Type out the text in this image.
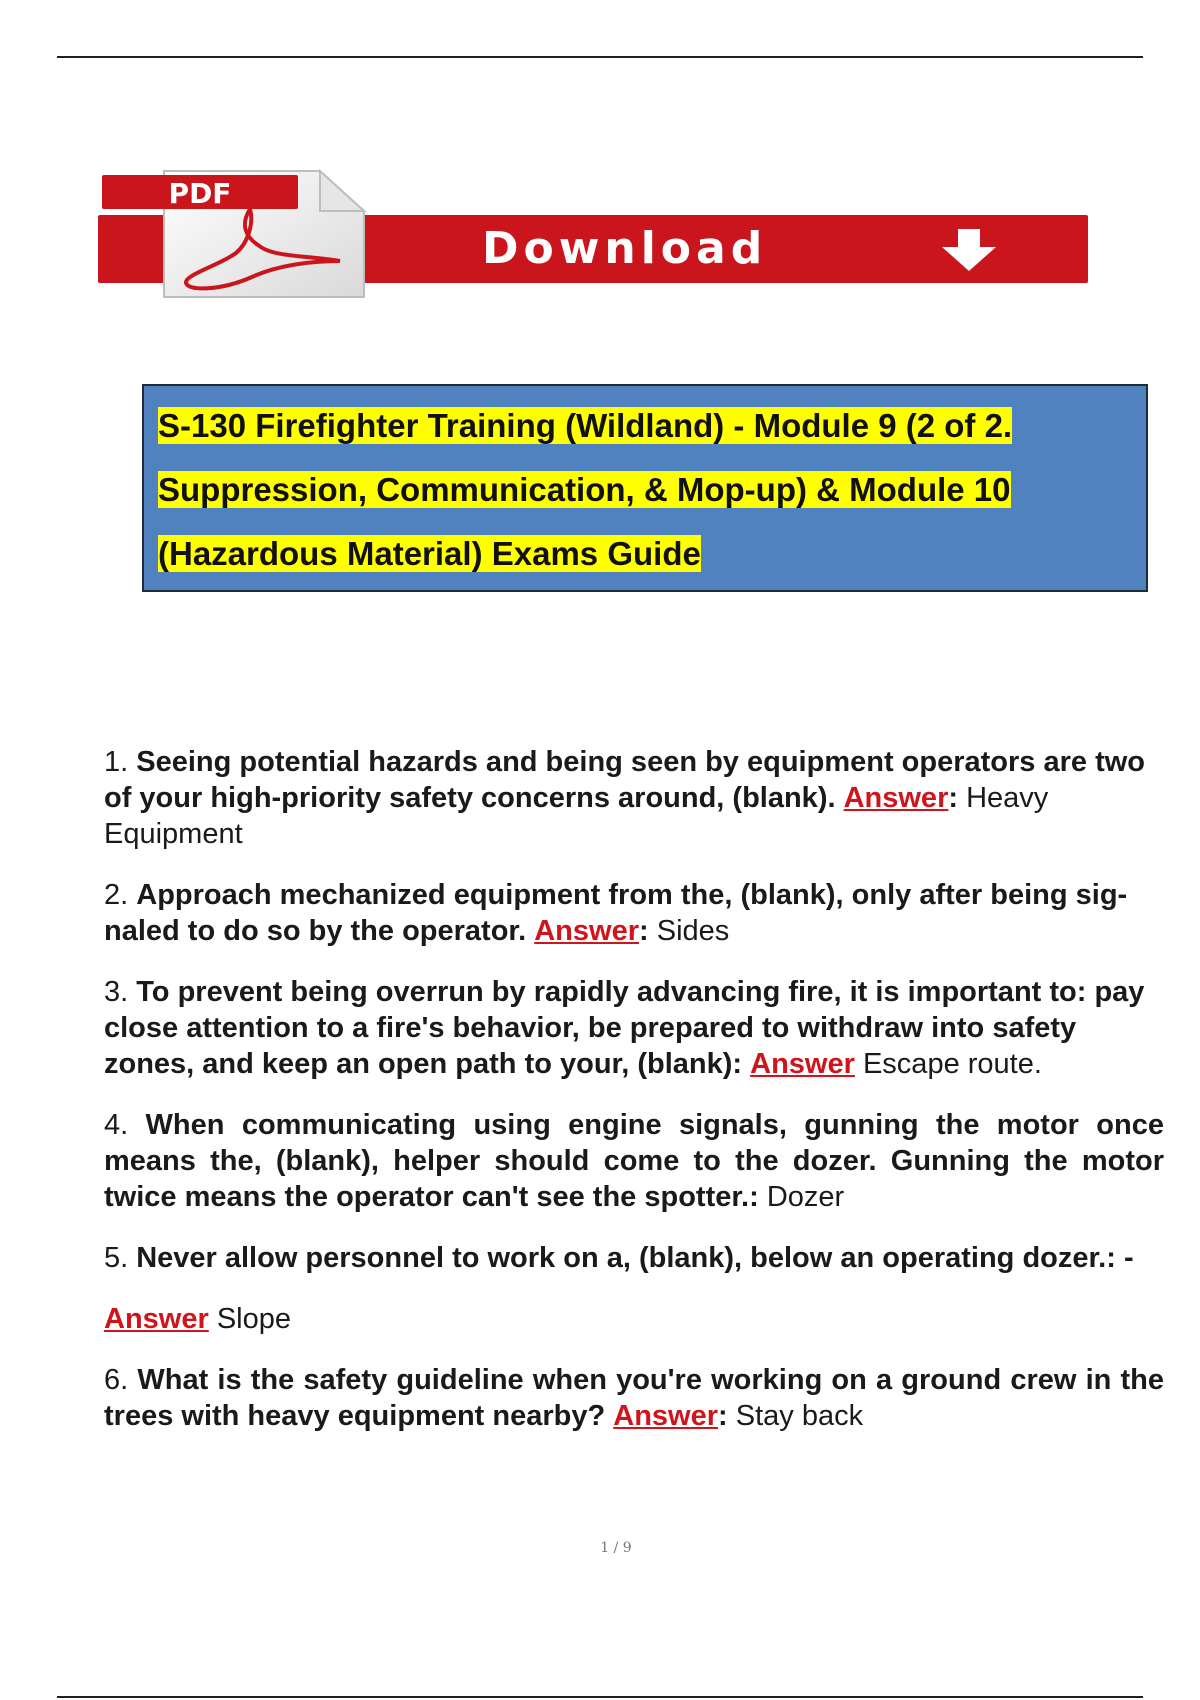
Download
PDF
S-130 Firefighter Training (Wildland) - Module 9 (2 of 2.
Suppression, Communication, & Mop-up) & Module 10
(Hazardous Material) Exams Guide

1. Seeing potential hazards and being seen by equipment operators are two of your high-priority safety concerns around, (blank). Answer: Heavy Equipment

2. Approach mechanized equipment from the, (blank), only after being sig- naled to do so by the operator. Answer: Sides

3. To prevent being overrun by rapidly advancing fire, it is important to: pay close attention to a fire's behavior, be prepared to withdraw into safety zones, and keep an open path to your, (blank): Answer Escape route.

4. When communicating using engine signals, gunning the motor once means the, (blank), helper should come to the dozer. Gunning the motor twice means the operator can't see the spotter.: Dozer

5. Never allow personnel to work on a, (blank), below an operating dozer.: -

Answer Slope

6. What is the safety guideline when you're working on a ground crew in the trees with heavy equipment nearby? Answer: Stay back

1 / 9
